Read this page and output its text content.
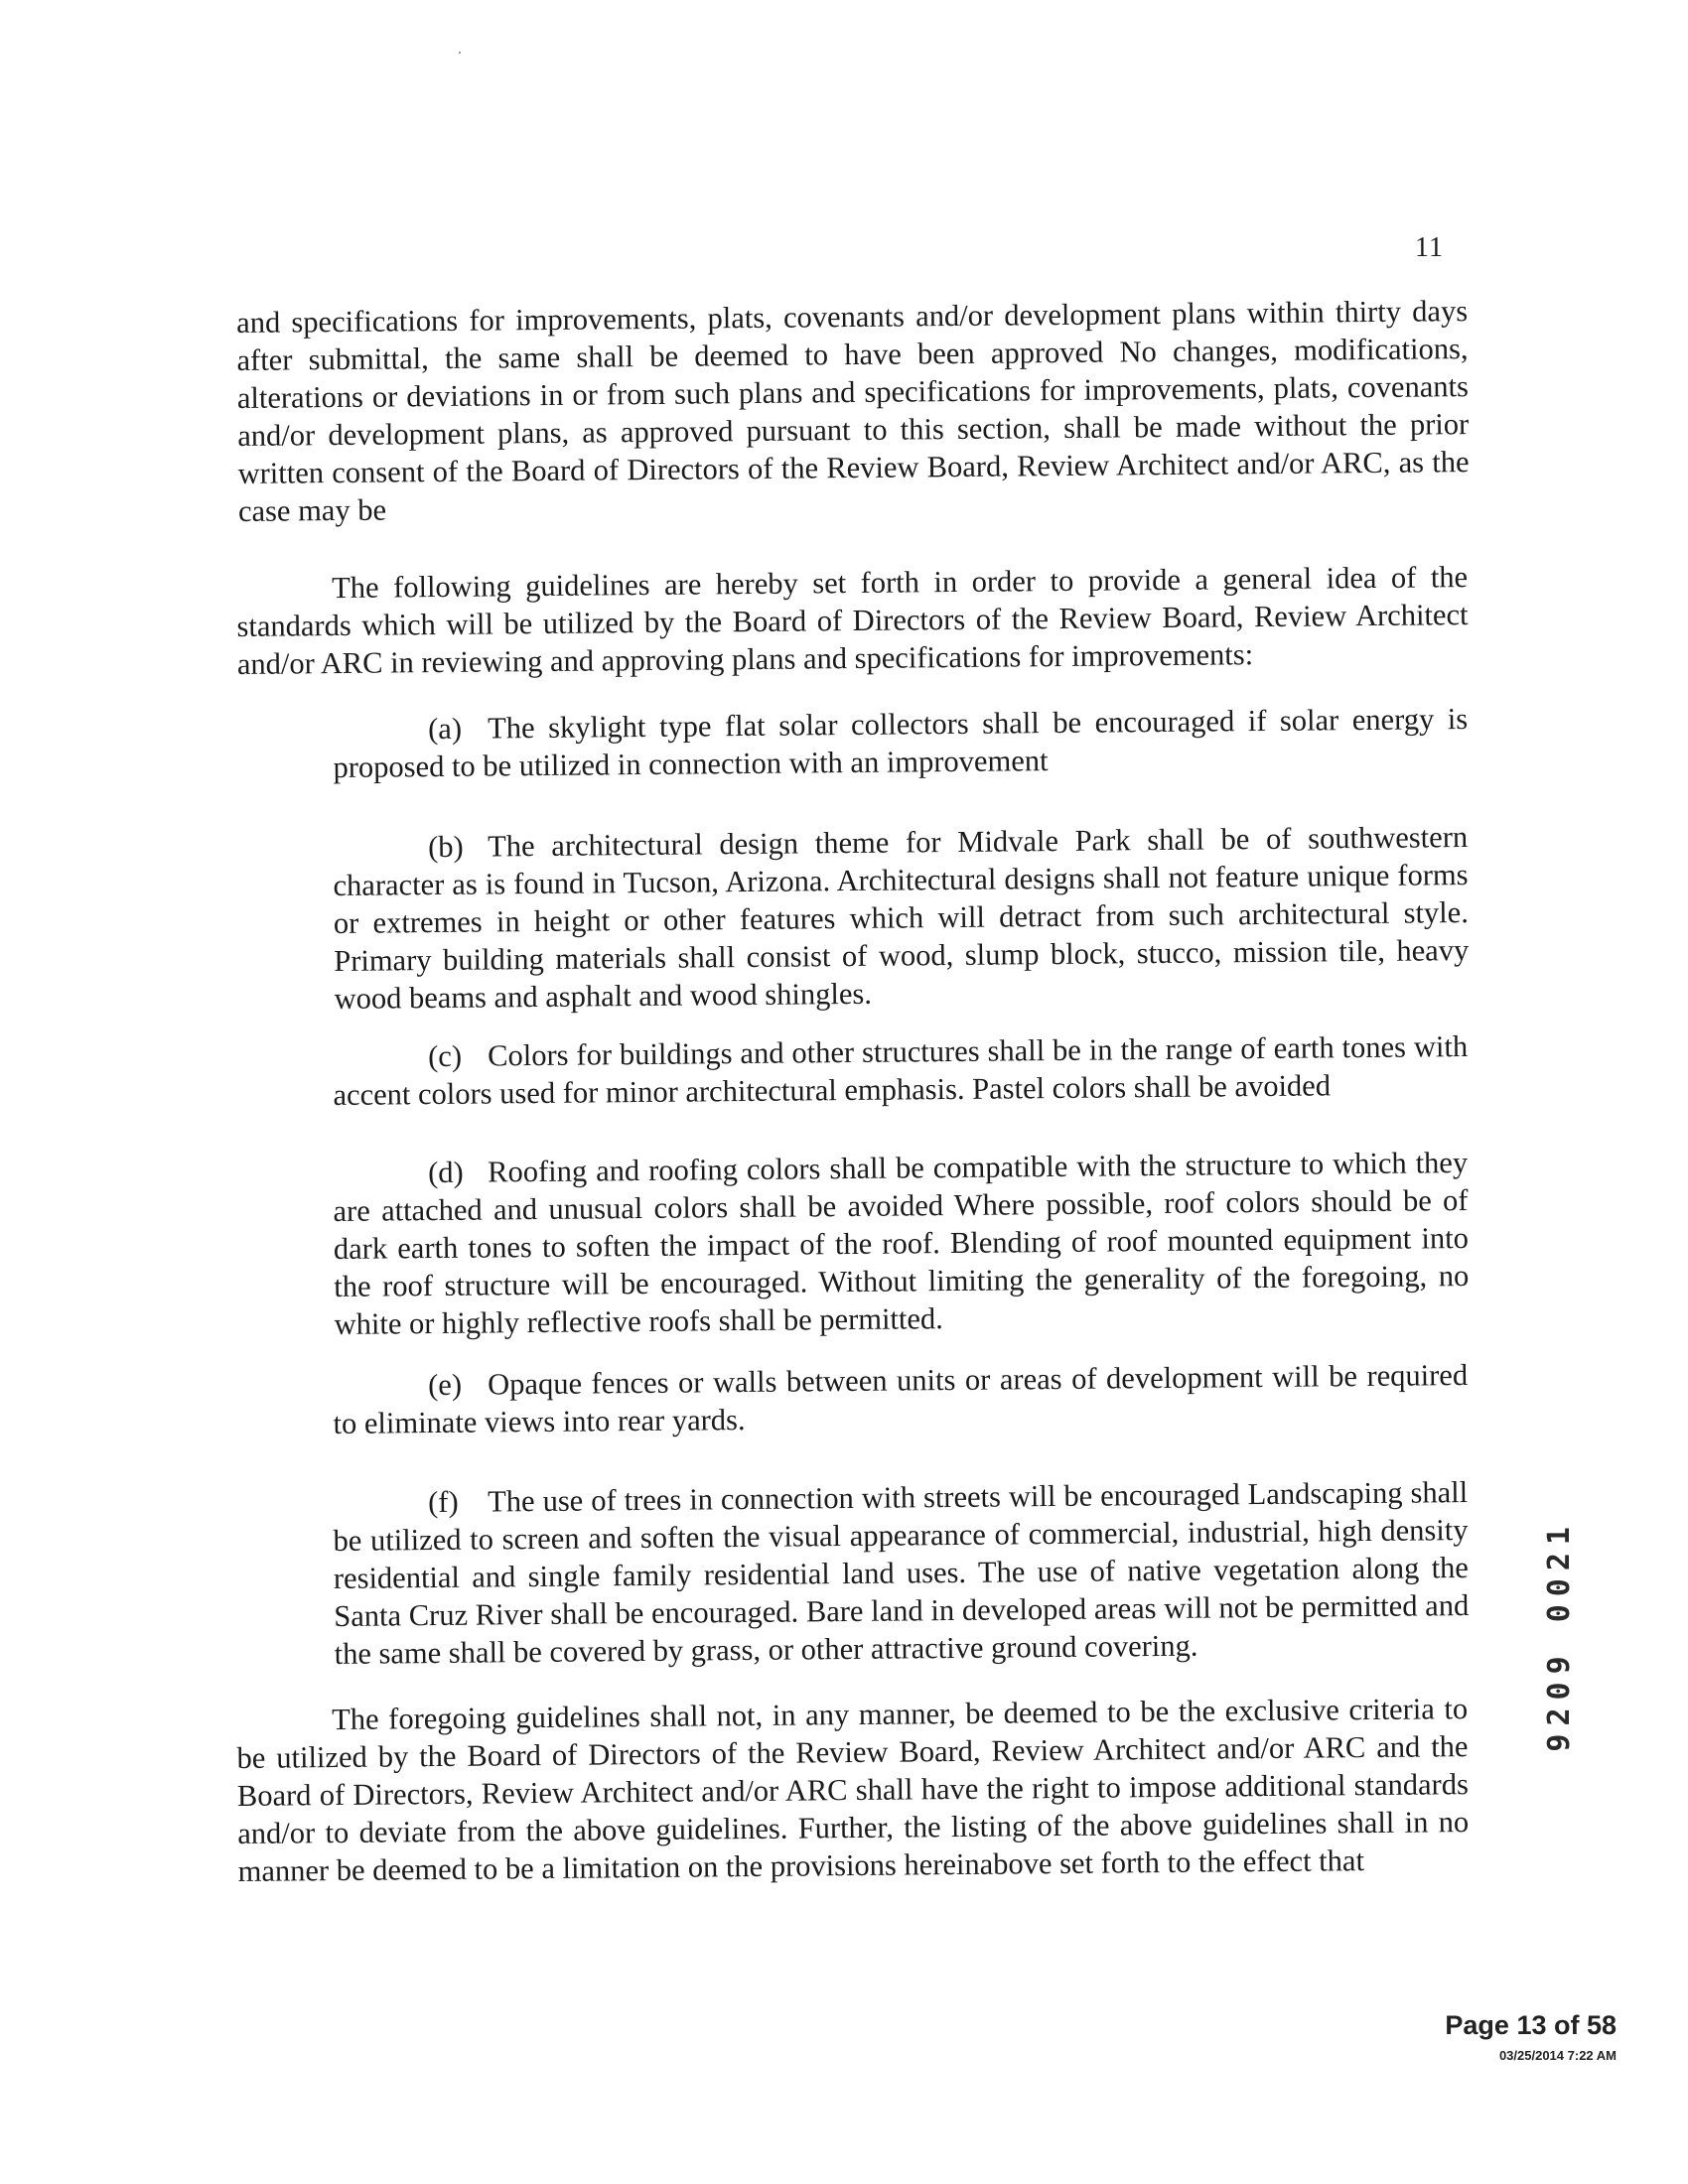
11
and specifications for improvements, plats, covenants and/or development plans within thirty days after submittal, the same shall be deemed to have been approved No changes, modifications, alterations or deviations in or from such plans and specifications for improvements, plats, covenants and/or development plans, as approved pursuant to this section, shall be made without the prior written consent of the Board of Directors of the Review Board, Review Architect and/or ARC, as the case may be
The following guidelines are hereby set forth in order to provide a general idea of the standards which will be utilized by the Board of Directors of the Review Board, Review Architect and/or ARC in reviewing and approving plans and specifications for improvements:
(a) The skylight type flat solar collectors shall be encouraged if solar energy is proposed to be utilized in connection with an improvement
(b) The architectural design theme for Midvale Park shall be of southwestern character as is found in Tucson, Arizona. Architectural designs shall not feature unique forms or extremes in height or other features which will detract from such architectural style. Primary building materials shall consist of wood, slump block, stucco, mission tile, heavy wood beams and asphalt and wood shingles.
(c) Colors for buildings and other structures shall be in the range of earth tones with accent colors used for minor architectural emphasis. Pastel colors shall be avoided
(d) Roofing and roofing colors shall be compatible with the structure to which they are attached and unusual colors shall be avoided Where possible, roof colors should be of dark earth tones to soften the impact of the roof. Blending of roof mounted equipment into the roof structure will be encouraged. Without limiting the generality of the foregoing, no white or highly reflective roofs shall be permitted.
(e) Opaque fences or walls between units or areas of development will be required to eliminate views into rear yards.
(f) The use of trees in connection with streets will be encouraged Landscaping shall be utilized to screen and soften the visual appearance of commercial, industrial, high density residential and single family residential land uses. The use of native vegetation along the Santa Cruz River shall be encouraged. Bare land in developed areas will not be permitted and the same shall be covered by grass, or other attractive ground covering.
The foregoing guidelines shall not, in any manner, be deemed to be the exclusive criteria to be utilized by the Board of Directors of the Review Board, Review Architect and/or ARC and the Board of Directors, Review Architect and/or ARC shall have the right to impose additional standards and/or to deviate from the above guidelines. Further, the listing of the above guidelines shall in no manner be deemed to be a limitation on the provisions hereinabove set forth to the effect that
9209 0021
Page 13 of 58
03/25/2014 7:22 AM
